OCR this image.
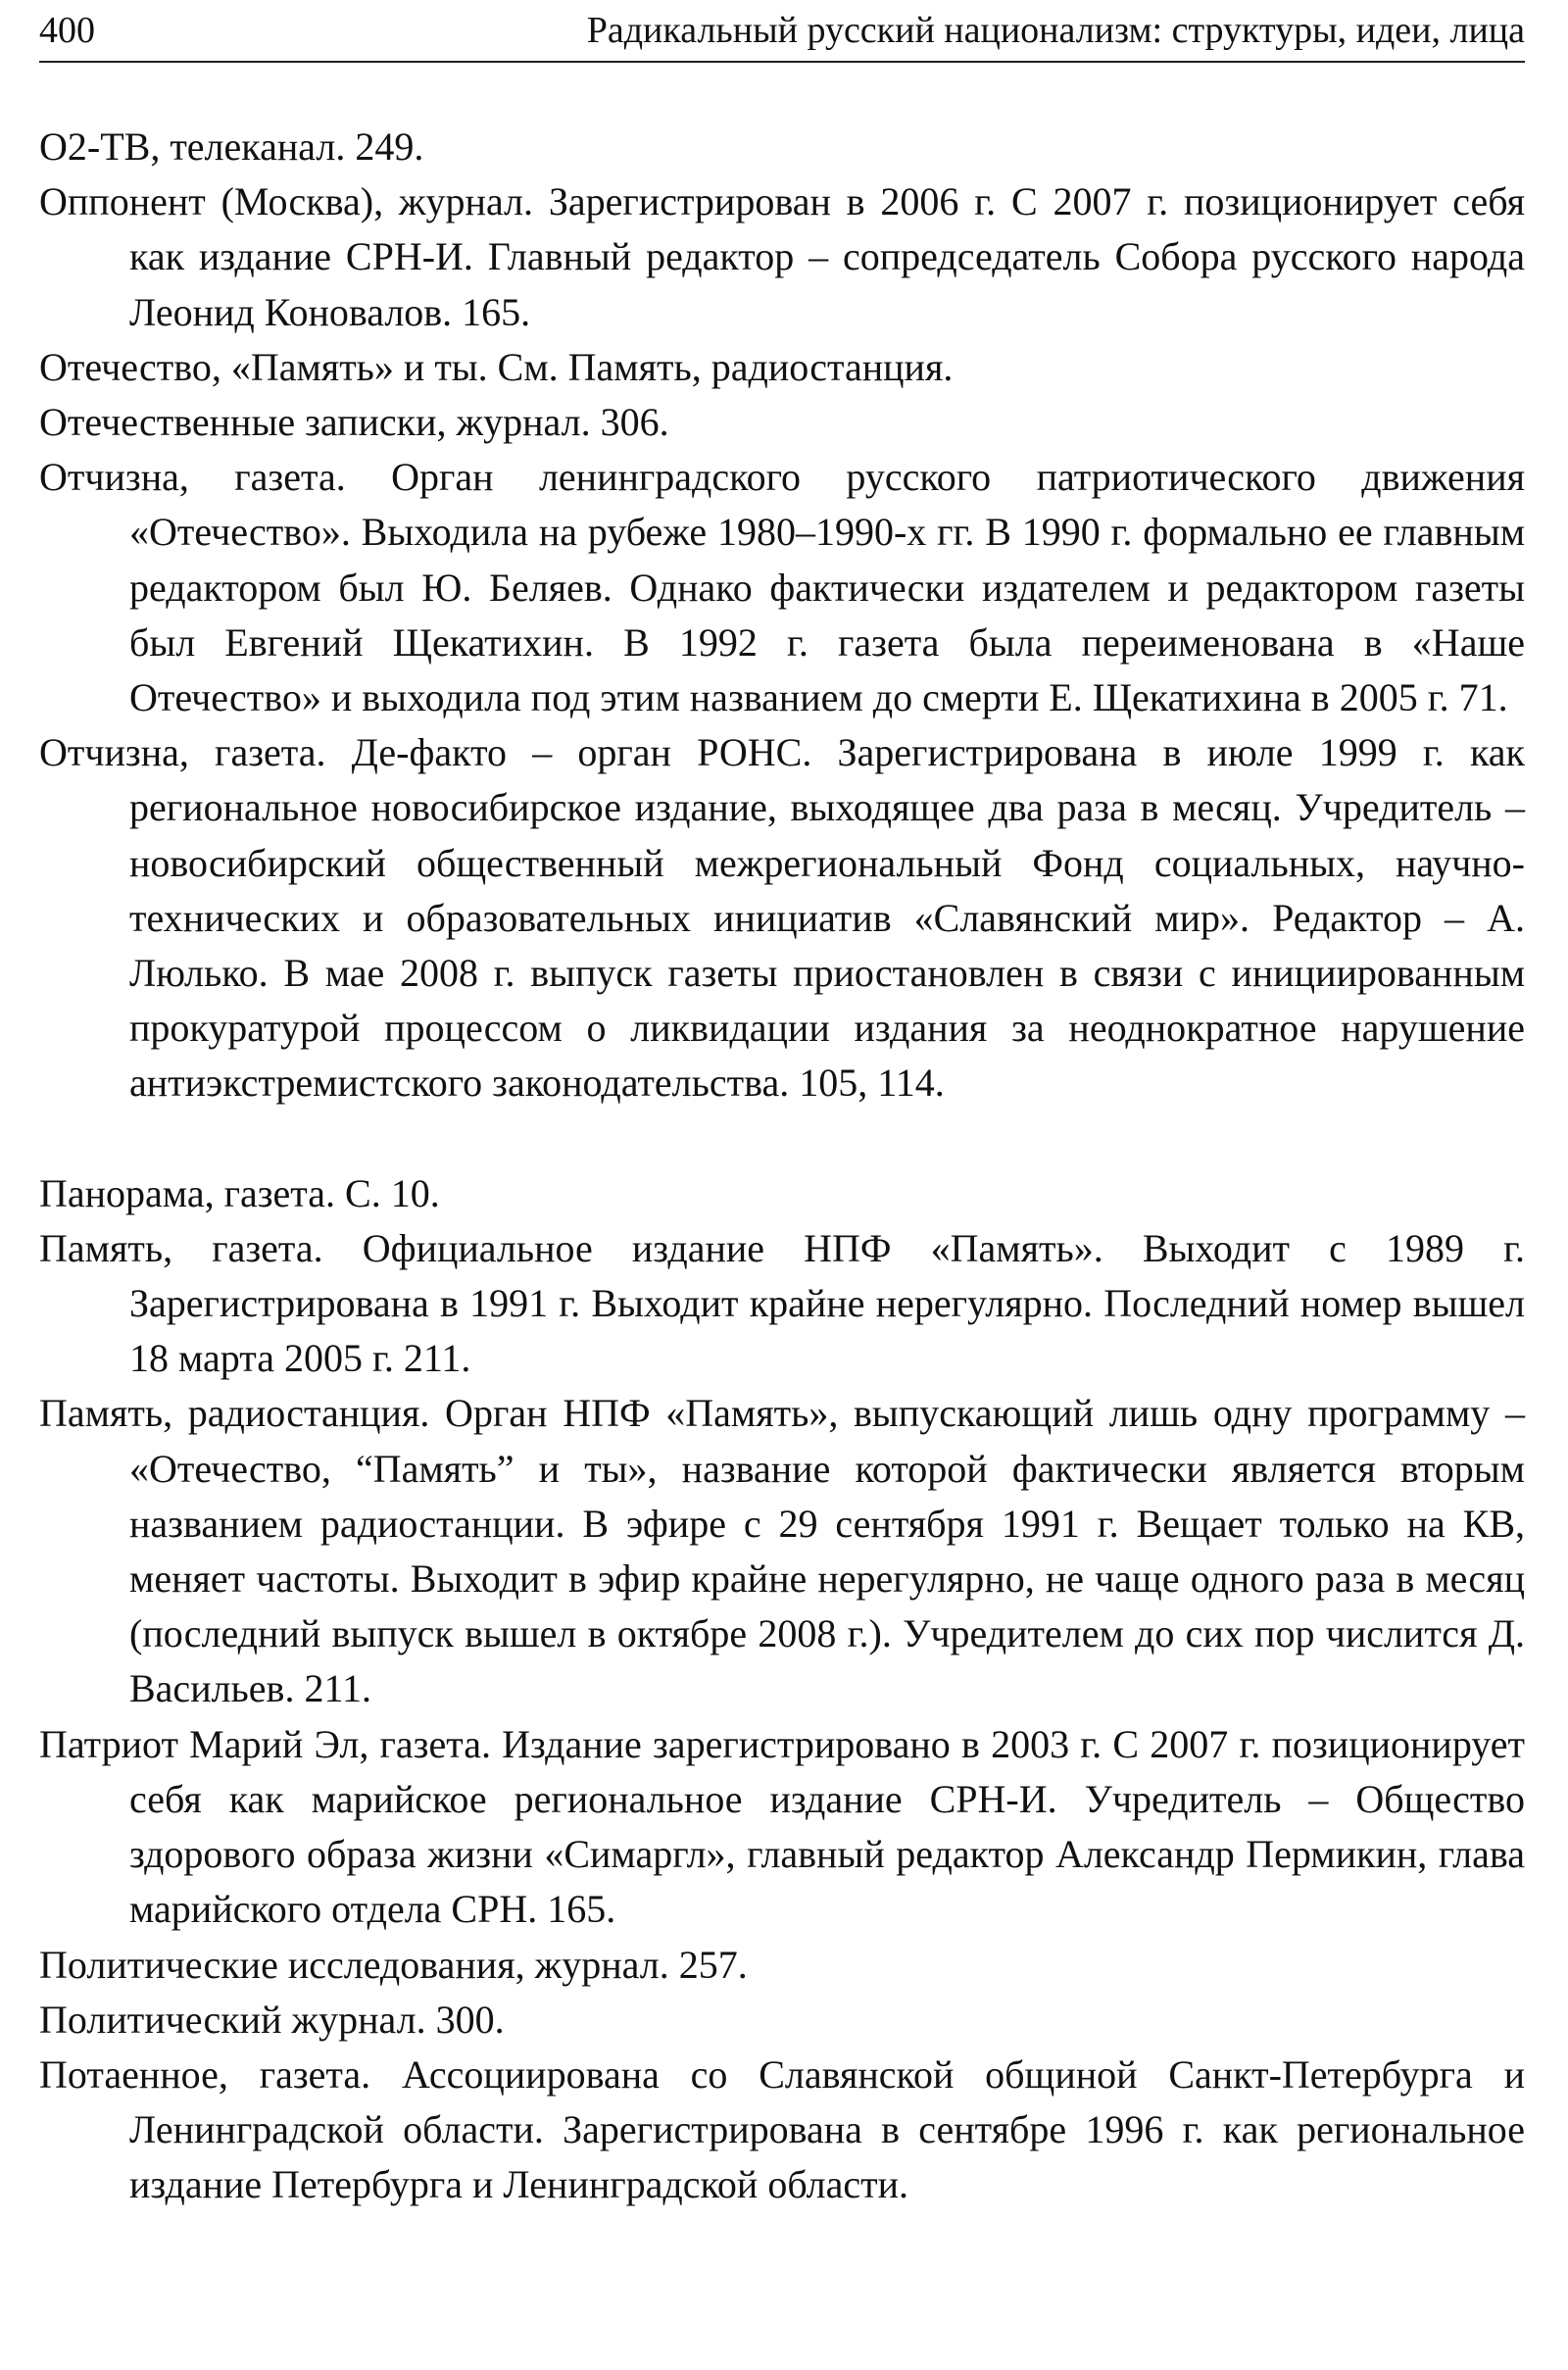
400	Радикальный русский национализм: структуры, идеи, лица

О2-ТВ, телеканал. 249.

Оппонент (Москва), журнал. Зарегистрирован в 2006 г. С 2007 г. позиционирует себя как издание СРН-И. Главный редактор – сопредседатель Собора русского народа Леонид Коновалов. 165.

Отечество, «Память» и ты. См. Память, радиостанция.

Отечественные записки, журнал. 306.

Отчизна, газета. Орган ленинградского русского патриотического движения «Отечество». Выходила на рубеже 1980–1990-х гг. В 1990 г. формально ее главным редактором был Ю. Беляев. Однако фактически издателем и редактором газеты был Евгений Щекатихин. В 1992 г. газета была переименована в «Наше Отечество» и выходила под этим названием до смерти Е. Щекатихина в 2005 г. 71.

Отчизна, газета. Де-факто – орган РОНС. Зарегистрирована в июле 1999 г. как региональное новосибирское издание, выходящее два раза в месяц. Учредитель – новосибирский общественный межрегиональный Фонд социальных, научно-технических и образовательных инициатив «Славянский мир». Редактор – А. Люлько. В мае 2008 г. выпуск газеты приостановлен в связи с инициированным прокуратурой процессом о ликвидации издания за неоднократное нарушение антиэкстремистского законодательства. 105, 114.

Панорама, газета. С. 10.

Память, газета. Официальное издание НПФ «Память». Выходит с 1989 г. Зарегистрирована в 1991 г. Выходит крайне нерегулярно. Последний номер вышел 18 марта 2005 г. 211.

Память, радиостанция. Орган НПФ «Память», выпускающий лишь одну программу – «Отечество, “Память” и ты», название которой фактически является вторым названием радиостанции. В эфире с 29 сентября 1991 г. Вещает только на КВ, меняет частоты. Выходит в эфир крайне нерегулярно, не чаще одного раза в месяц (последний выпуск вышел в октябре 2008 г.). Учредителем до сих пор числится Д. Васильев. 211.

Патриот Марий Эл, газета. Издание зарегистрировано в 2003 г. С 2007 г. позиционирует себя как марийское региональное издание СРН-И. Учредитель – Общество здорового образа жизни «Симаргл», главный редактор Александр Пермикин, глава марийского отдела СРН. 165.

Политические исследования, журнал. 257.

Политический журнал. 300.

Потаенное, газета. Ассоциирована со Славянской общиной Санкт-Петербурга и Ленинградской области. Зарегистрирована в сентябре 1996 г. как региональное издание Петербурга и Ленинградской области.
